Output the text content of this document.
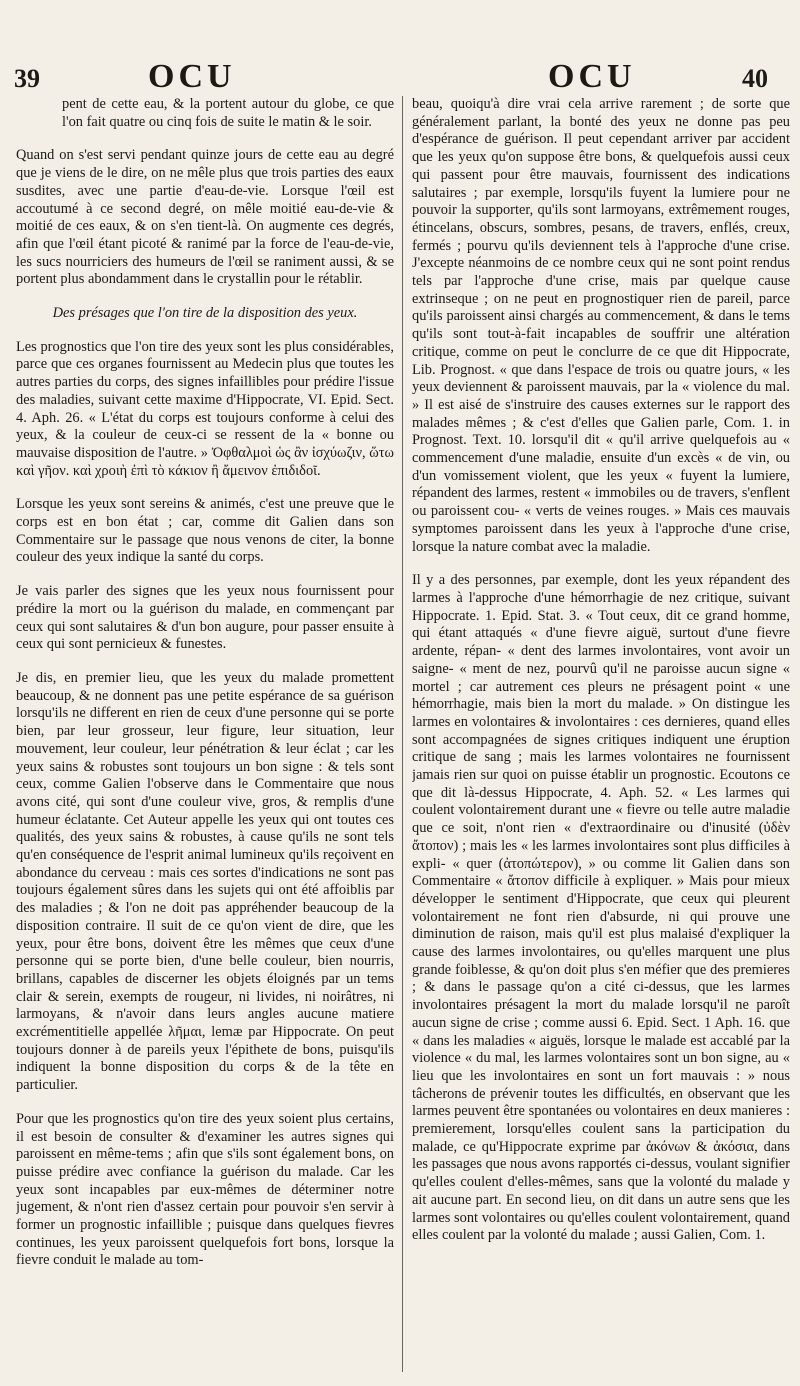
39	OCU	OCU	40

pent de cette eau, & la portent autour du globe, ce que l'on fait quatre ou cinq fois de suite le matin & le soir.

Quand on s'est servi pendant quinze jours de cette eau au degré que je viens de le dire, on ne mêle plus que trois parties des eaux susdites, avec une partie d'eau-de-vie. Lorsque l'œil est accoutumé à ce second degré, on mêle moitié eau-de-vie & moitié de ces eaux, & on s'en tient-là. On augmente ces degrés, afin que l'œil étant picoté & ranimé par la force de l'eau-de-vie, les sucs nourriciers des humeurs de l'œil se raniment aussi, & se portent plus abondamment dans le crystallin pour le rétablir.

Des présages que l'on tire de la disposition des yeux.

Les prognostics que l'on tire des yeux sont les plus considérables, parce que ces organes fournissent au Medecin plus que toutes les autres parties du corps, des signes infaillibles pour prédire l'issue des maladies, suivant cette maxime d'Hippocrate, VI. Epid. Sect. 4. Aph. 26. « L'état du corps est toujours conforme à celui des yeux, & la couleur de ceux-ci se ressent de la « bonne ou mauvaise disposition de l'autre. » Ὀφθαλμοὶ ὡς ἂν ἰσχύωζιν, ὥτω καὶ γῆον. καὶ χροιὴ ἐπὶ τὸ κάκιον ἢ ἄμεινον ἐπιδιδοῖ.

Lorsque les yeux sont sereins & animés, c'est une preuve que le corps est en bon état ; car, comme dit Galien dans son Commentaire sur le passage que nous venons de citer, la bonne couleur des yeux indique la santé du corps.

Je vais parler des signes que les yeux nous fournissent pour prédire la mort ou la guérison du malade, en commençant par ceux qui sont salutaires & d'un bon augure, pour passer ensuite à ceux qui sont pernicieux & funestes.

Je dis, en premier lieu, que les yeux du malade promettent beaucoup, & ne donnent pas une petite espérance de sa guérison lorsqu'ils ne different en rien de ceux d'une personne qui se porte bien, par leur grosseur, leur figure, leur situation, leur mouvement, leur couleur, leur pénétration & leur éclat ; car les yeux sains & robustes sont toujours un bon signe : & tels sont ceux, comme Galien l'observe dans le Commentaire que nous avons cité, qui sont d'une couleur vive, gros, & remplis d'une humeur éclatante. Cet Auteur appelle les yeux qui ont toutes ces qualités, des yeux sains & robustes, à cause qu'ils ne sont tels qu'en conséquence de l'esprit animal lumineux qu'ils reçoivent en abondance du cerveau : mais ces sortes d'indications ne sont pas toujours également sûres dans les sujets qui ont été affoiblis par des maladies ; & l'on ne doit pas appréhender beaucoup de la disposition contraire. Il suit de ce qu'on vient de dire, que les yeux, pour être bons, doivent être les mêmes que ceux d'une personne qui se porte bien, d'une belle couleur, bien nourris, brillans, capables de discerner les objets éloignés par un tems clair & serein, exempts de rougeur, ni livides, ni noirâtres, ni larmoyans, & n'avoir dans leurs angles aucune matiere excrémentitielle appellée λῆμαι, lemæ par Hippocrate. On peut toujours donner à de pareils yeux l'épithete de bons, puisqu'ils indiquent la bonne disposition du corps & de la tête en particulier.

Pour que les prognostics qu'on tire des yeux soient plus certains, il est besoin de consulter & d'examiner les autres signes qui paroissent en même-tems ; afin que s'ils sont également bons, on puisse prédire avec confiance la guérison du malade. Car les yeux sont incapables par eux-mêmes de déterminer notre jugement, & n'ont rien d'assez certain pour pouvoir s'en servir à former un prognostic infaillible ; puisque dans quelques fievres continues, les yeux paroissent quelquefois fort bons, lorsque la fievre conduit le malade au tom-

beau, quoiqu'à dire vrai cela arrive rarement ; de sorte que généralement parlant, la bonté des yeux ne donne pas peu d'espérance de guérison. Il peut cependant arriver par accident que les yeux qu'on suppose être bons, & quelquefois aussi ceux qui passent pour être mauvais, fournissent des indications salutaires ; par exemple, lorsqu'ils fuyent la lumiere pour ne pouvoir la supporter, qu'ils sont larmoyans, extrêmement rouges, étincelans, obscurs, sombres, pesans, de travers, enflés, creux, fermés ; pourvu qu'ils deviennent tels à l'approche d'une crise. J'excepte néanmoins de ce nombre ceux qui ne sont point rendus tels par l'approche d'une crise, mais par quelque cause extrinseque ; on ne peut en prognostiquer rien de pareil, parce qu'ils paroissent ainsi chargés au commencement, & dans le tems qu'ils sont tout-à-fait incapables de souffrir une altération critique, comme on peut le conclurre de ce que dit Hippocrate, Lib. Prognost. « que dans l'espace de trois ou quatre jours, « les yeux deviennent & paroissent mauvais, par la « violence du mal. » Il est aisé de s'instruire des causes externes sur le rapport des malades mêmes ; & c'est d'elles que Galien parle, Com. 1. in Prognost. Text. 10. lorsqu'il dit « qu'il arrive quelquefois au « commencement d'une maladie, ensuite d'un excès « de vin, ou d'un vomissement violent, que les yeux « fuyent la lumiere, répandent des larmes, restent « immobiles ou de travers, s'enflent ou paroissent cou- « verts de veines rouges. » Mais ces mauvais symptomes paroissent dans les yeux à l'approche d'une crise, lorsque la nature combat avec la maladie.

Il y a des personnes, par exemple, dont les yeux répandent des larmes à l'approche d'une hémorrhagie de nez critique, suivant Hippocrate. 1. Epid. Stat. 3. « Tout ceux, dit ce grand homme, qui étant attaqués « d'une fievre aiguë, surtout d'une fievre ardente, répan- « dent des larmes involontaires, vont avoir un saigne- « ment de nez, pourvû qu'il ne paroisse aucun signe « mortel ; car autrement ces pleurs ne présagent point « une hémorrhagie, mais bien la mort du malade. » On distingue les larmes en volontaires & involontaires : ces dernieres, quand elles sont accompagnées de signes critiques indiquent une éruption critique de sang ; mais les larmes volontaires ne fournissent jamais rien sur quoi on puisse établir un prognostic. Ecoutons ce que dit là-dessus Hippocrate, 4. Aph. 52. « Les larmes qui coulent volontairement durant une « fievre ou telle autre maladie que ce soit, n'ont rien « d'extraordinaire ou d'inusité (ὐδὲν ἄτοπον) ; mais les « les larmes involontaires sont plus difficiles à expli- « quer (ἀτοπώτερον), » ou comme lit Galien dans son Commentaire « ἄτοπον difficile à expliquer. » Mais pour mieux développer le sentiment d'Hippocrate, que ceux qui pleurent volontairement ne font rien d'absurde, ni qui prouve une diminution de raison, mais qu'il est plus malaisé d'expliquer la cause des larmes involontaires, ou qu'elles marquent une plus grande foiblesse, & qu'on doit plus s'en méfier que des premieres ; & dans le passage qu'on a cité ci-dessus, que les larmes involontaires présagent la mort du malade lorsqu'il ne paroît aucun signe de crise ; comme aussi 6. Epid. Sect. 1 Aph. 16. que « dans les maladies « aiguës, lorsque le malade est accablé par la violence « du mal, les larmes volontaires sont un bon signe, au « lieu que les involontaires en sont un fort mauvais : » nous tâcherons de prévenir toutes les difficultés, en observant que les larmes peuvent être spontanées ou volontaires en deux manieres : premierement, lorsqu'elles coulent sans la participation du malade, ce qu'Hippocrate exprime par ἀκόνων & ἀκόσια, dans les passages que nous avons rapportés ci-dessus, voulant signifier qu'elles coulent d'elles-mêmes, sans que la volonté du malade y ait aucune part. En second lieu, on dit dans un autre sens que les larmes sont volontaires ou qu'elles coulent volontairement, quand elles coulent par la volonté du malade ; aussi Galien, Com. 1.
